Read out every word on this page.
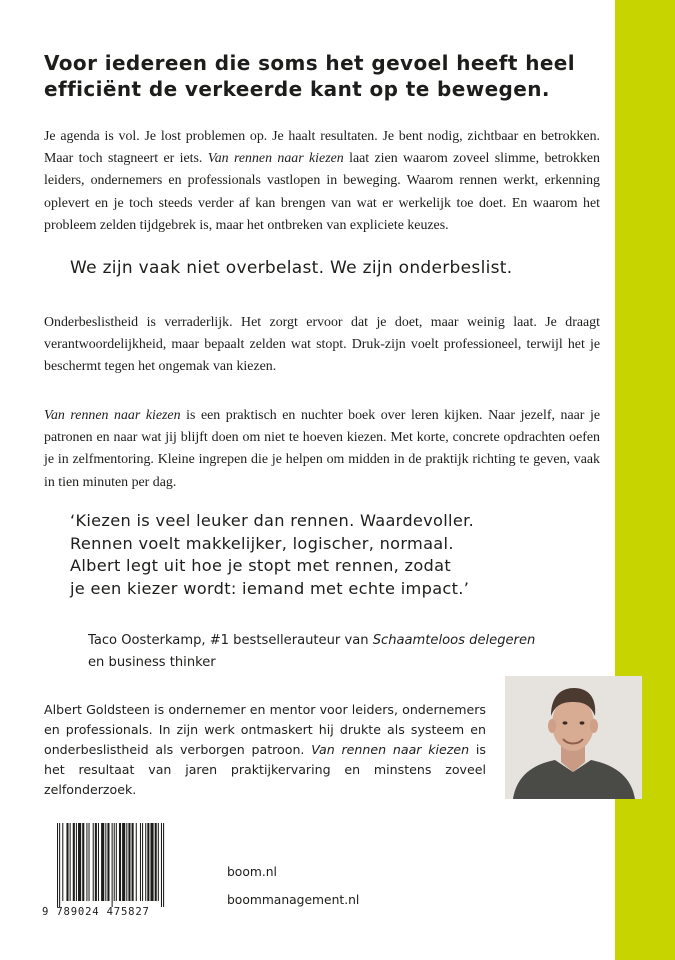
Voor iedereen die soms het gevoel heeft heel
efficiënt de verkeerde kant op te bewegen.

Je agenda is vol. Je lost problemen op. Je haalt resultaten. Je bent nodig, zichtbaar en betrokken. Maar toch stagneert er iets. Van rennen naar kiezen laat zien waarom zoveel slimme, betrokken leiders, ondernemers en professionals vastlopen in beweging. Waarom rennen werkt, erkenning oplevert en je toch steeds verder af kan brengen van wat er werkelijk toe doet. En waarom het probleem zelden tijdgebrek is, maar het ontbreken van expliciete keuzes.

We zijn vaak niet overbelast. We zijn onderbeslist.

Onderbeslistheid is verraderlijk. Het zorgt ervoor dat je doet, maar weinig laat. Je draagt verantwoordelijkheid, maar bepaalt zelden wat stopt. Druk-zijn voelt professioneel, terwijl het je beschermt tegen het ongemak van kiezen.

Van rennen naar kiezen is een praktisch en nuchter boek over leren kijken. Naar jezelf, naar je patronen en naar wat jij blijft doen om niet te hoeven kiezen. Met korte, concrete opdrachten oefen je in zelfmentoring. Kleine ingrepen die je helpen om midden in de praktijk richting te geven, vaak in tien minuten per dag.

‘Kiezen is veel leuker dan rennen. Waardevoller.
Rennen voelt makkelijker, logischer, normaal.
Albert legt uit hoe je stopt met rennen, zodat
je een kiezer wordt: iemand met echte impact.’

Taco Oosterkamp, #1 bestsellerauteur van Schaamteloos delegeren
en business thinker

Albert Goldsteen is ondernemer en mentor voor leiders, ondernemers en professionals. In zijn werk ontmaskert hij drukte als systeem en onderbeslistheid als verborgen patroon. Van rennen naar kiezen is het resultaat van jaren praktijkervaring en minstens zoveel zelfonderzoek.

9 789024 475827

boom.nl
boommanagement.nl
